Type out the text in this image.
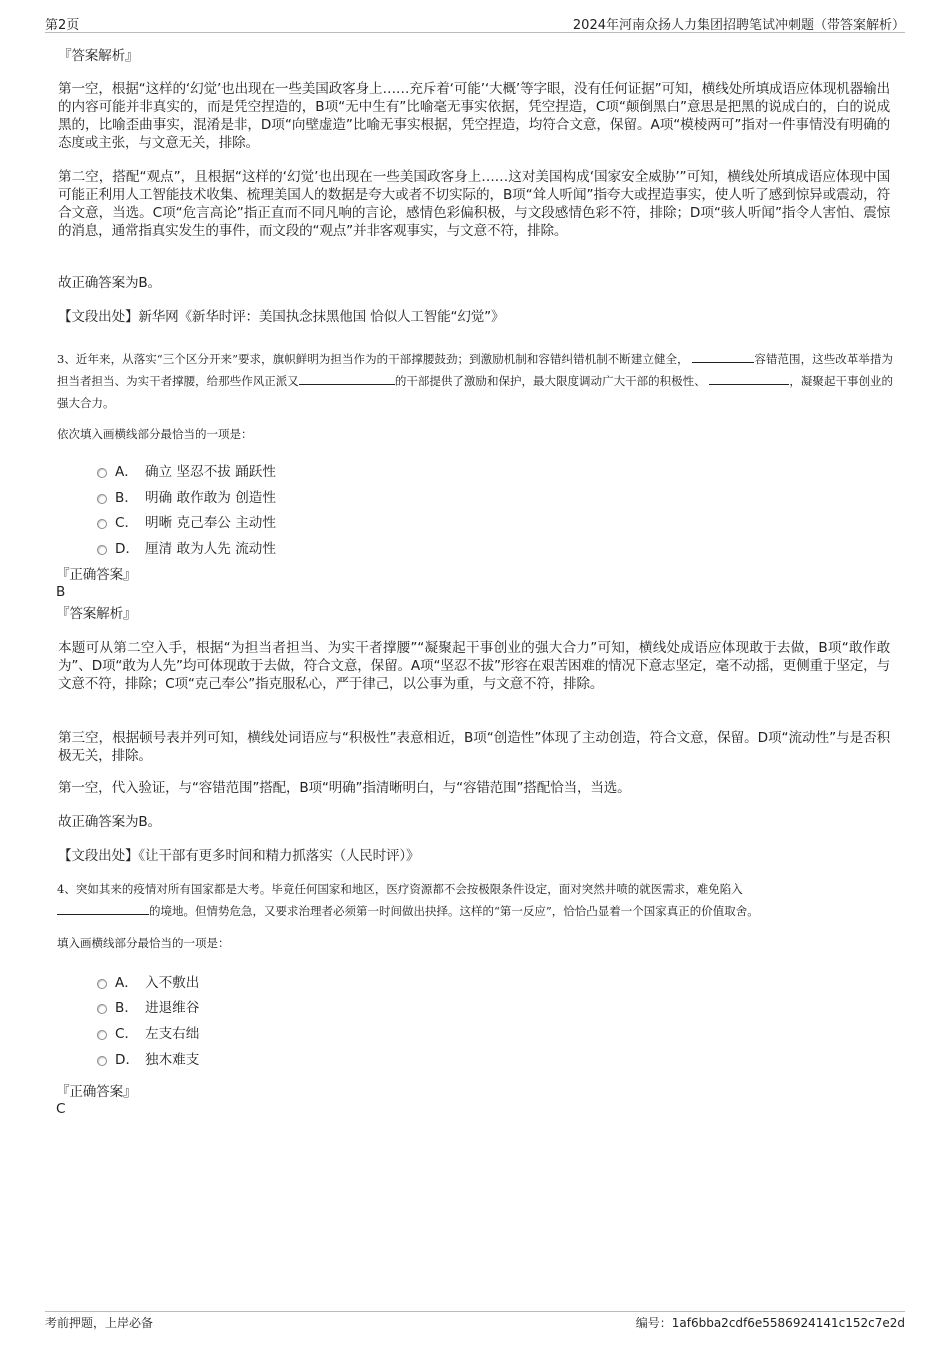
第2页	2024年河南众扬人力集团招聘笔试冲刺题（带答案解析）
『答案解析』
第一空，根据“这样的‘幻觉’也出现在一些美国政客身上……充斥着‘可能’‘大概’等字眼，没有任何证据”可知，横线处所填成语应体现机器输出的内容可能并非真实的，而是凭空捏造的，B项“无中生有”比喻毫无事实依据，凭空捏造，C项“颠倒黑白”意思是把黑的说成白的，白的说成黑的，比喻歪曲事实，混淆是非，D项“向壁虚造”比喻无事实根据，凭空捏造，均符合文意，保留。A项“模棱两可”指对一件事情没有明确的态度或主张，与文意无关，排除。
第二空，搭配“观点”，且根据“这样的‘幻觉’也出现在一些美国政客身上……这对美国构成‘国家安全威胁’”可知，横线处所填成语应体现中国可能正利用人工智能技术收集、梳理美国人的数据是夸大或者不切实际的，B项“耸人听闻”指夸大或捏造事实，使人听了感到惊异或震动，符合文意，当选。C项“危言高论”指正直而不同凡响的言论，感情色彩偏积极，与文段感情色彩不符，排除；D项“骇人听闻”指令人害怕、震惊的消息，通常指真实发生的事件，而文段的“观点”并非客观事实，与文意不符，排除。
故正确答案为B。
【文段出处】新华网《新华时评：美国执念抹黑他国 恰似人工智能“幻觉”》
3、近年来，从落实“三个区分开来”要求，旗帜鲜明为担当作为的干部撑腰鼓劲；到激励机制和容错纠错机制不断建立健全，	容错范围，这些改革举措为担当者担当、为实干者撑腰，给那些作风正派又	的干部提供了激励和保护，最大限度调动广大干部的积极性、	，凝聚起干事创业的强大合力。
依次填入画横线部分最恰当的一项是：
A． 确立 坚忍不拔 踊跃性
B． 明确 敢作敢为 创造性
C． 明晰 克己奉公 主动性
D． 厘清 敢为人先 流动性
『正确答案』
B
『答案解析』
本题可从第二空入手，根据“为担当者担当、为实干者撑腰”“凝聚起干事创业的强大合力”可知，横线处成语应体现敢于去做，B项“敢作敢为”、D项“敢为人先”均可体现敢于去做，符合文意，保留。A项“坚忍不拔”形容在艰苦困难的情况下意志坚定，毫不动摇，更侧重于坚定，与文意不符，排除；C项“克己奉公”指克服私心，严于律己，以公事为重，与文意不符，排除。
第三空，根据顿号表并列可知，横线处词语应与“积极性”表意相近，B项“创造性”体现了主动创造，符合文意，保留。D项“流动性”与是否积极无关，排除。
第一空，代入验证，与“容错范围”搭配，B项“明确”指清晰明白，与“容错范围”搭配恰当，当选。
故正确答案为B。
【文段出处】《让干部有更多时间和精力抓落实（人民时评）》
4、突如其来的疫情对所有国家都是大考。毕竟任何国家和地区，医疗资源都不会按极限条件设定，面对突然井喷的就医需求，难免陷入
的境地。但情势危急，又要求治理者必须第一时间做出抉择。这样的“第一反应”，恰恰凸显着一个国家真正的价值取舍。
填入画横线部分最恰当的一项是：
A． 入不敷出
B． 进退维谷
C． 左支右绌
D． 独木难支
『正确答案』
C
考前押题，上岸必备	编号：1af6bba2cdf6e5586924141c152c7e2d
